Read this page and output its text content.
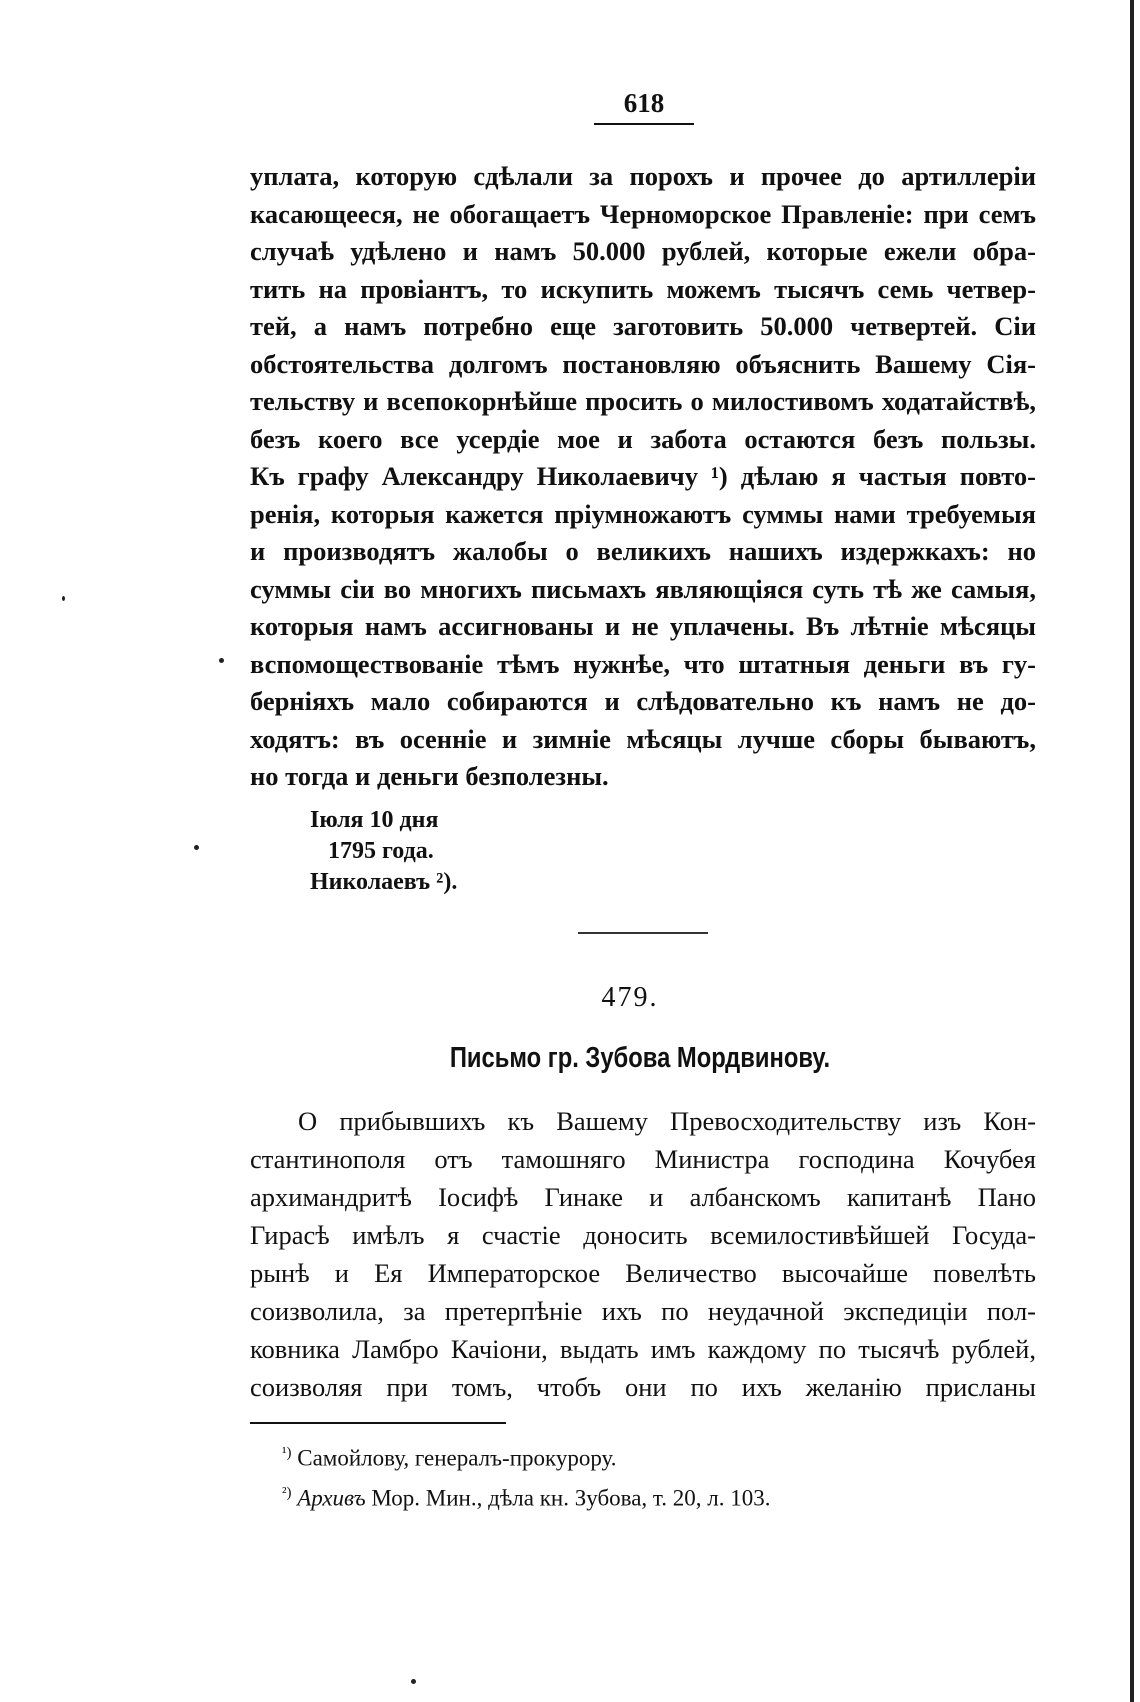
618
уплата, которую сдѣлали за порохъ и прочее до артиллеріи
касающееся, не обогащаетъ Черноморское Правленіе: при семъ
случаѣ удѣлено и намъ 50.000 рублей, которые ежели обра-
тить на провіантъ, то искупить можемъ тысячъ семь четвер-
тей, а намъ потребно еще заготовить 50.000 четвертей. Сіи
обстоятельства долгомъ постановляю объяснить Вашему Сія-
тельству и всепокорнѣйше просить о милостивомъ ходатайствѣ,
безъ коего все усердіе мое и забота остаются безъ пользы.
Къ графу Александру Николаевичу ¹) дѣлаю я частыя повто-
ренія, которыя кажется пріумножаютъ суммы нами требуемыя
и производятъ жалобы о великихъ нашихъ издержкахъ: но
суммы сіи во многихъ письмахъ являющіяся суть тѣ же самыя,
которыя намъ ассигнованы и не уплачены. Въ лѣтніе мѣсяцы
вспомоществованіе тѣмъ нужнѣе, что штатныя деньги въ гу-
берніяхъ мало собираются и слѣдовательно къ намъ не до-
ходятъ: въ осенніе и зимніе мѣсяцы лучше сборы бываютъ,
но тогда и деньги безполезны.
Іюля 10 дня
1795 года.
Николаевъ ²).
479.
Письмо гр. Зубова Мордвинову.
О прибывшихъ къ Вашему Превосходительству изъ Кон-
стантинополя отъ тамошняго Министра господина Кочубея
архимандритѣ Іосифѣ Гинаке и албанскомъ капитанѣ Пано
Гирасѣ имѣлъ я счастіе доносить всемилостивѣйшей Госуда-
рынѣ и Ея Императорское Величество высочайше повелѣть
соизволила, за претерпѣніе ихъ по неудачной экспедиціи пол-
ковника Ламбро Качіони, выдать имъ каждому по тысячѣ рублей,
соизволяя при томъ, чтобъ они по ихъ желанію присланы
$^{^1)}$ Самойлову, генералъ-прокурору.
$^{^2)}$ Архивъ Мор. Мин., дѣла кн. Зубова, т. 20, л. 103.
